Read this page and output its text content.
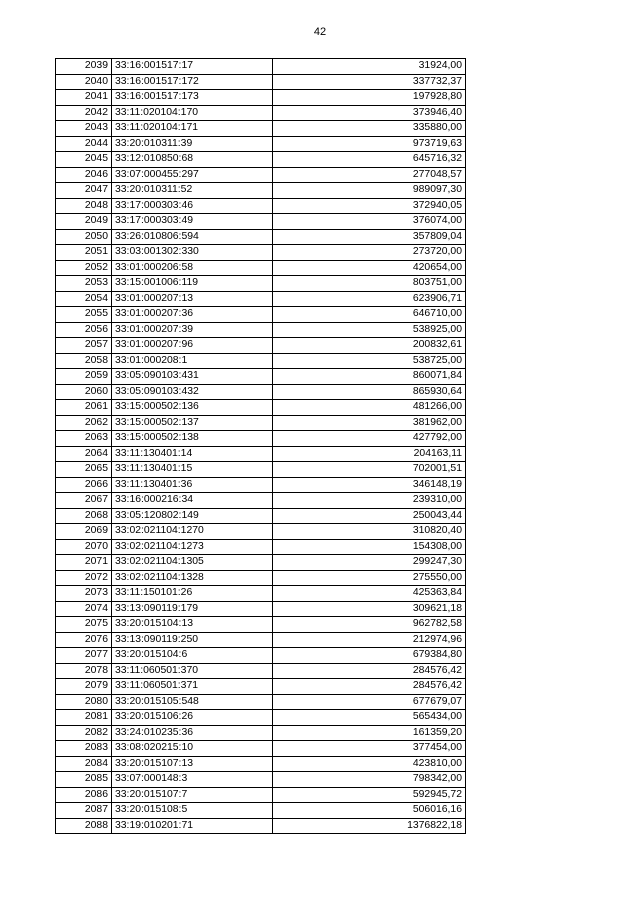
42
2039	33:16:001517:17	31924,00
2040	33:16:001517:172	337732,37
2041	33:16:001517:173	197928,80
2042	33:11:020104:170	373946,40
2043	33:11:020104:171	335880,00
2044	33:20:010311:39	973719,63
2045	33:12:010850:68	645716,32
2046	33:07:000455:297	277048,57
2047	33:20:010311:52	989097,30
2048	33:17:000303:46	372940,05
2049	33:17:000303:49	376074,00
2050	33:26:010806:594	357809,04
2051	33:03:001302:330	273720,00
2052	33:01:000206:58	420654,00
2053	33:15:001006:119	803751,00
2054	33:01:000207:13	623906,71
2055	33:01:000207:36	646710,00
2056	33:01:000207:39	538925,00
2057	33:01:000207:96	200832,61
2058	33:01:000208:1	538725,00
2059	33:05:090103:431	860071,84
2060	33:05:090103:432	865930,64
2061	33:15:000502:136	481266,00
2062	33:15:000502:137	381962,00
2063	33:15:000502:138	427792,00
2064	33:11:130401:14	204163,11
2065	33:11:130401:15	702001,51
2066	33:11:130401:36	346148,19
2067	33:16:000216:34	239310,00
2068	33:05:120802:149	250043,44
2069	33:02:021104:1270	310820,40
2070	33:02:021104:1273	154308,00
2071	33:02:021104:1305	299247,30
2072	33:02:021104:1328	275550,00
2073	33:11:150101:26	425363,84
2074	33:13:090119:179	309621,18
2075	33:20:015104:13	962782,58
2076	33:13:090119:250	212974,96
2077	33:20:015104:6	679384,80
2078	33:11:060501:370	284576,42
2079	33:11:060501:371	284576,42
2080	33:20:015105:548	677679,07
2081	33:20:015106:26	565434,00
2082	33:24:010235:36	161359,20
2083	33:08:020215:10	377454,00
2084	33:20:015107:13	423810,00
2085	33:07:000148:3	798342,00
2086	33:20:015107:7	592945,72
2087	33:20:015108:5	506016,16
2088	33:19:010201:71	1376822,18
